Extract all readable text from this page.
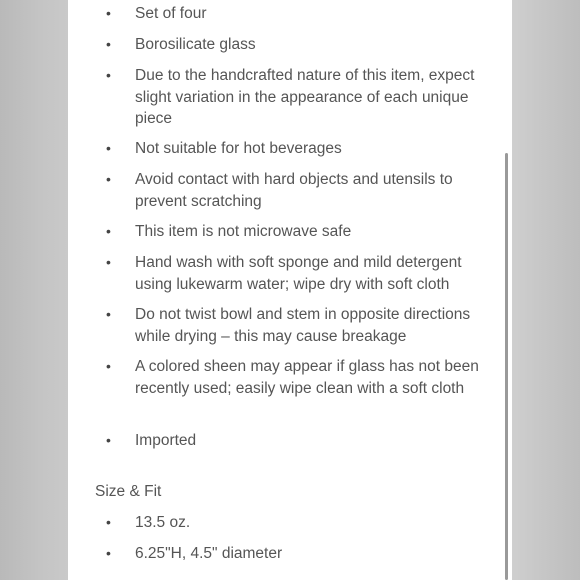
•	Set of four
•	Borosilicate glass
•	Due to the handcrafted nature of this item, expect slight variation in the appearance of each unique piece
•	Not suitable for hot beverages
•	Avoid contact with hard objects and utensils to prevent scratching
•	This item is not microwave safe
•	Hand wash with soft sponge and mild detergent using lukewarm water; wipe dry with soft cloth
•	Do not twist bowl and stem in opposite directions while drying – this may cause breakage
•	A colored sheen may appear if glass has not been recently used; easily wipe clean with a soft cloth
•	Imported
Size & Fit
•	13.5 oz.
•	6.25"H, 4.5" diameter
